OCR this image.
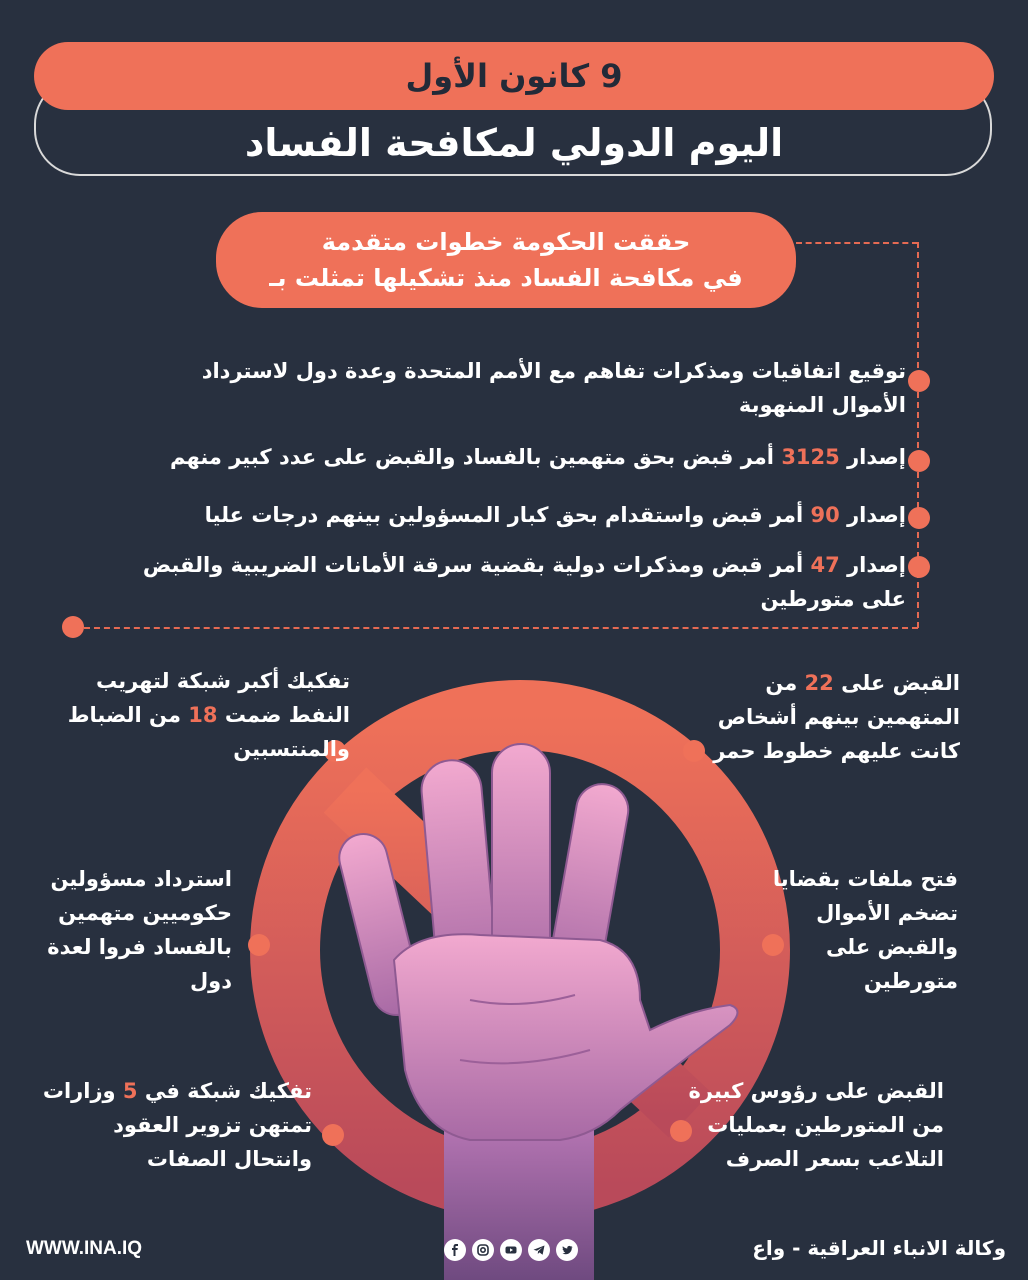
9 كانون الأول
اليوم الدولي لمكافحة الفساد
حققت الحكومة خطوات متقدمة
في مكافحة الفساد منذ تشكيلها تمثلت بـ
توقيع اتفاقيات ومذكرات تفاهم مع الأمم المتحدة وعدة دول لاسترداد
الأموال المنهوبة
إصدار 3125 أمر قبض بحق متهمين بالفساد والقبض على عدد كبير منهم
إصدار 90 أمر قبض واستقدام بحق كبار المسؤولين بينهم درجات عليا
إصدار 47 أمر قبض ومذكرات دولية بقضية سرقة الأمانات الضريبية والقبض
على متورطين
القبض على 22 من
المتهمين بينهم أشخاص
كانت عليهم خطوط حمر
فتح ملفات بقضايا
تضخم الأموال
والقبض على
متورطين
القبض على رؤوس كبيرة
من المتورطين بعمليات
التلاعب بسعر الصرف
تفكيك أكبر شبكة لتهريب
النفط ضمت 18 من الضباط
والمنتسبين
استرداد مسؤولين
حكوميين متهمين
بالفساد فروا لعدة
دول
تفكيك شبكة في 5 وزارات
تمتهن تزوير العقود
وانتحال الصفات
WWW.INA.IQ	وكالة الانباء العراقية - واع
